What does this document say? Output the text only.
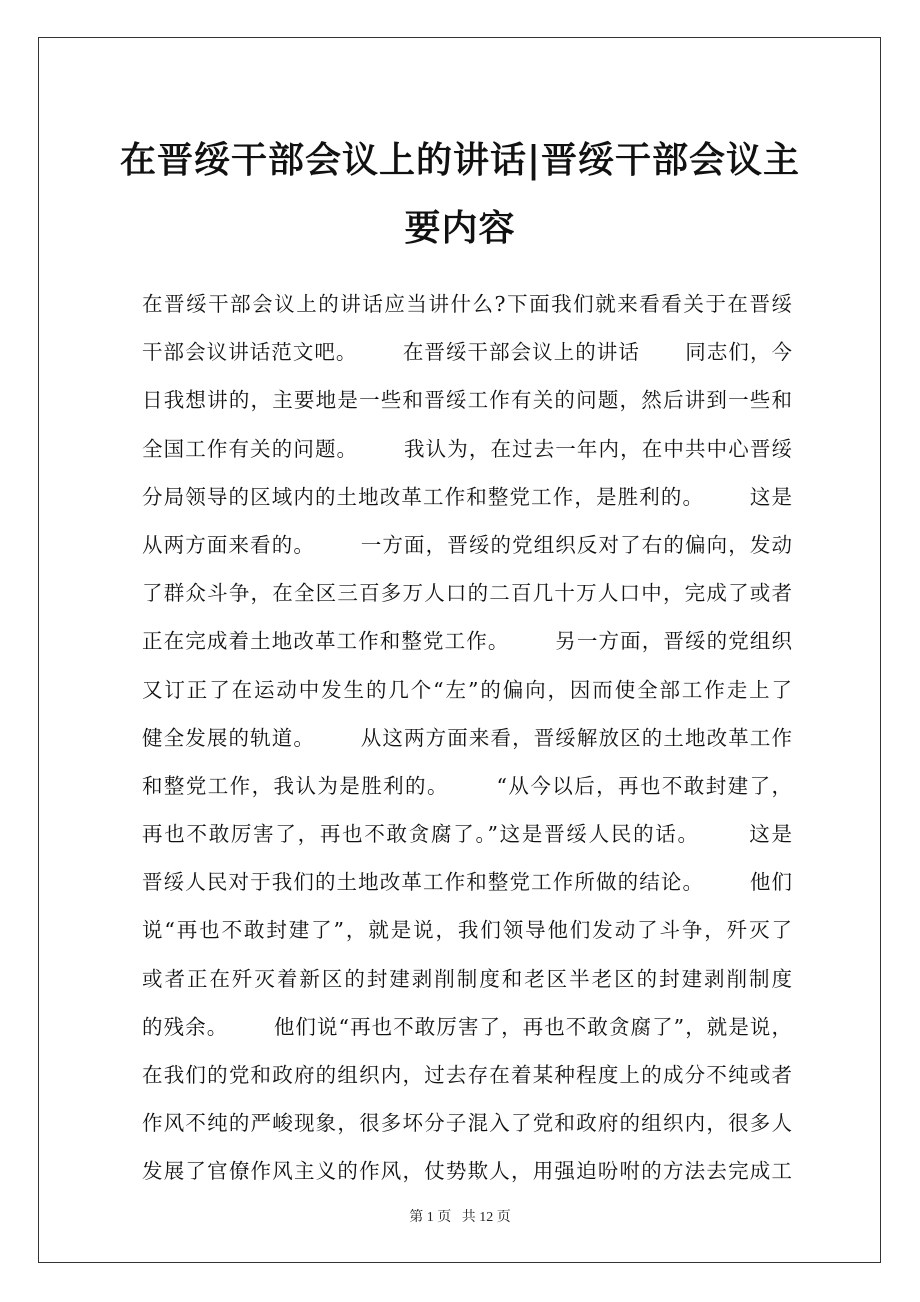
在晋绥干部会议上的讲话|晋绥干部会议主
要内容
在晋绥干部会议上的讲话应当讲什么?下面我们就来看看关于在晋绥
干部会议讲话范文吧。      在晋绥干部会议上的讲话      同志们，今
日我想讲的，主要地是一些和晋绥工作有关的问题，然后讲到一些和
全国工作有关的问题。      我认为，在过去一年内，在中共中心晋绥
分局领导的区域内的土地改革工作和整党工作，是胜利的。      这是
从两方面来看的。      一方面，晋绥的党组织反对了右的偏向，发动
了群众斗争，在全区三百多万人口的二百几十万人口中，完成了或者
正在完成着土地改革工作和整党工作。      另一方面，晋绥的党组织
又订正了在运动中发生的几个“左”的偏向，因而使全部工作走上了
健全发展的轨道。      从这两方面来看，晋绥解放区的土地改革工作
和整党工作，我认为是胜利的。      “从今以后，再也不敢封建了，
再也不敢厉害了，再也不敢贪腐了。”这是晋绥人民的话。      这是
晋绥人民对于我们的土地改革工作和整党工作所做的结论。      他们
说“再也不敢封建了”，就是说，我们领导他们发动了斗争，歼灭了
或者正在歼灭着新区的封建剥削制度和老区半老区的封建剥削制度
的残余。      他们说“再也不敢厉害了，再也不敢贪腐了”，就是说，
在我们的党和政府的组织内，过去存在着某种程度上的成分不纯或者
作风不纯的严峻现象，很多坏分子混入了党和政府的组织内，很多人
发展了官僚作风主义的作风，仗势欺人，用强迫吩咐的方法去完成工
第 1 页   共 12 页
